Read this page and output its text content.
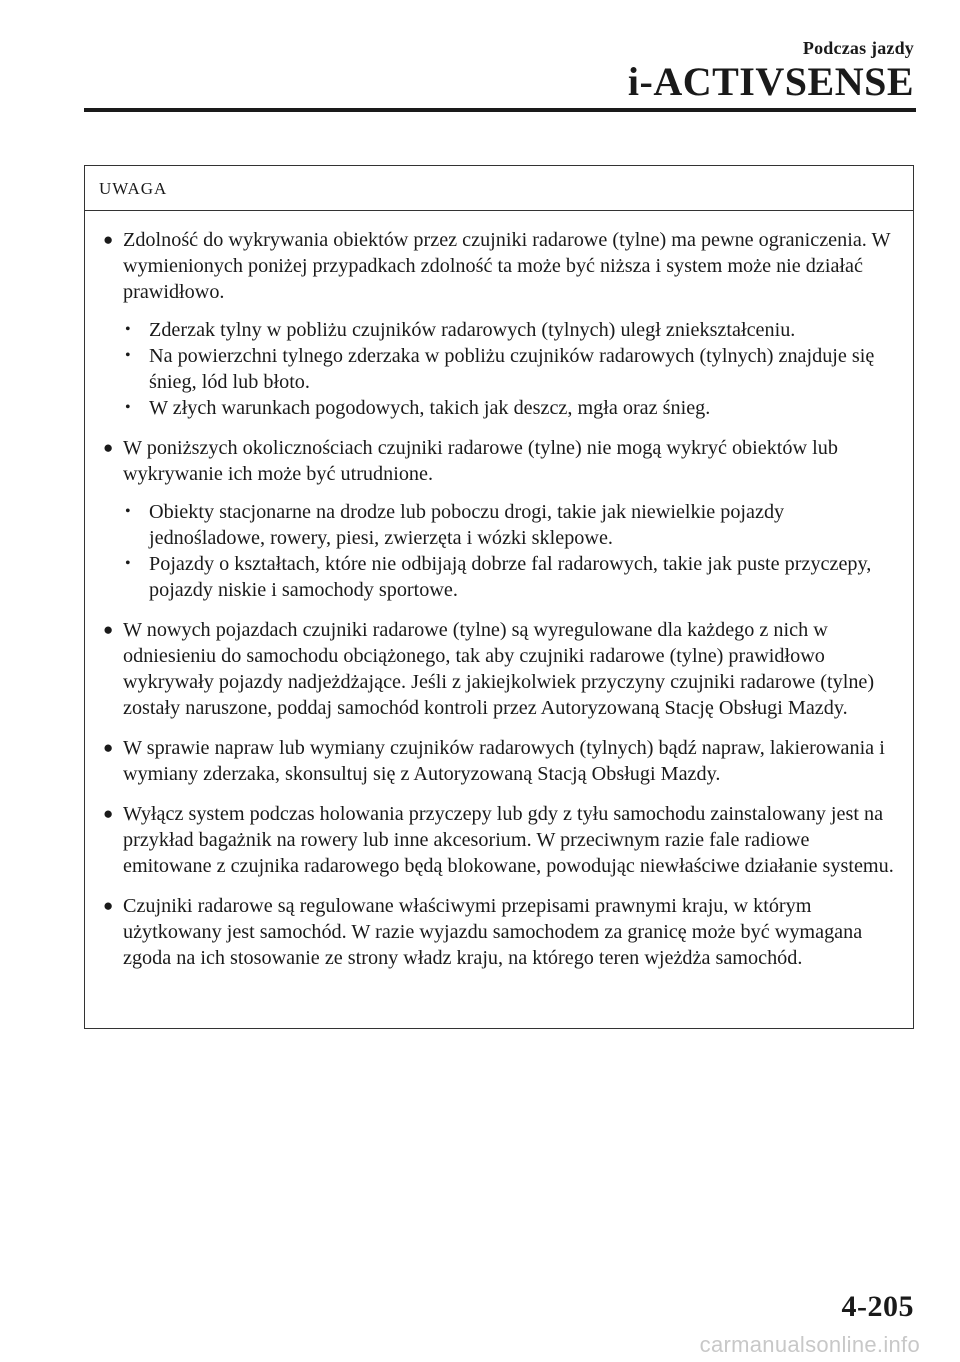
Podczas jazdy
i-ACTIVSENSE
UWAGA
● Zdolność do wykrywania obiektów przez czujniki radarowe (tylne) ma pewne ograniczenia. W wymienionych poniżej przypadkach zdolność ta może być niższa i system może nie działać prawidłowo.
• Zderzak tylny w pobliżu czujników radarowych (tylnych) uległ zniekształceniu.
• Na powierzchni tylnego zderzaka w pobliżu czujników radarowych (tylnych) znajduje się śnieg, lód lub błoto.
• W złych warunkach pogodowych, takich jak deszcz, mgła oraz śnieg.
● W poniższych okolicznościach czujniki radarowe (tylne) nie mogą wykryć obiektów lub wykrywanie ich może być utrudnione.
• Obiekty stacjonarne na drodze lub poboczu drogi, takie jak niewielkie pojazdy jednośladowe, rowery, piesi, zwierzęta i wózki sklepowe.
• Pojazdy o kształtach, które nie odbijają dobrze fal radarowych, takie jak puste przyczepy, pojazdy niskie i samochody sportowe.
● W nowych pojazdach czujniki radarowe (tylne) są wyregulowane dla każdego z nich w odniesieniu do samochodu obciążonego, tak aby czujniki radarowe (tylne) prawidłowo wykrywały pojazdy nadjeżdżające. Jeśli z jakiejkolwiek przyczyny czujniki radarowe (tylne) zostały naruszone, poddaj samochód kontroli przez Autoryzowaną Stację Obsługi Mazdy.
● W sprawie napraw lub wymiany czujników radarowych (tylnych) bądź napraw, lakierowania i wymiany zderzaka, skonsultuj się z Autoryzowaną Stacją Obsługi Mazdy.
● Wyłącz system podczas holowania przyczepy lub gdy z tyłu samochodu zainstalowany jest na przykład bagażnik na rowery lub inne akcesorium. W przeciwnym razie fale radiowe emitowane z czujnika radarowego będą blokowane, powodując niewłaściwe działanie systemu.
● Czujniki radarowe są regulowane właściwymi przepisami prawnymi kraju, w którym użytkowany jest samochód. W razie wyjazdu samochodem za granicę może być wymagana zgoda na ich stosowanie ze strony władz kraju, na którego teren wjeżdża samochód.
4-205
carmanualsonline.info
